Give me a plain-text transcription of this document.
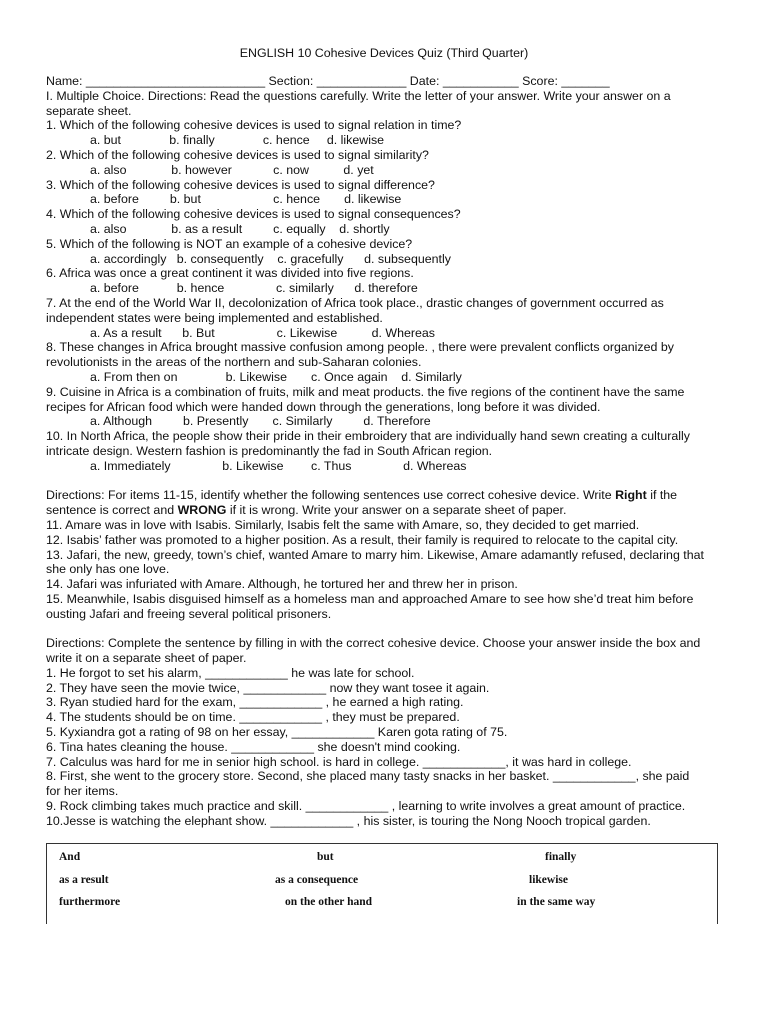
ENGLISH 10 Cohesive Devices Quiz (Third Quarter)
Name: __________________________ Section: _____________ Date: ___________ Score: _______
I. Multiple Choice. Directions: Read the questions carefully. Write the letter of your answer. Write your answer on a separate sheet.
1. Which of the following cohesive devices is used to signal relation in time?
a. but              b. finally              c. hence     d. likewise
2. Which of the following cohesive devices is used to signal similarity?
a. also             b. however            c. now          d. yet
3. Which of the following cohesive devices is used to signal difference?
a. before         b. but                     c. hence       d. likewise
4. Which of the following cohesive devices is used to signal consequences?
a. also             b. as a result         c. equally    d. shortly
5. Which of the following is NOT an example of a cohesive device?
a. accordingly   b. consequently    c. gracefully      d. subsequently
6. Africa was once a great continent it was divided into five regions.
a. before           b. hence               c. similarly      d. therefore
7. At the end of the World War II, decolonization of Africa took place., drastic changes of government occurred as independent states were being implemented and established.
a. As a result      b. But                  c. Likewise          d. Whereas
8. These changes in Africa brought massive confusion among people. , there were prevalent conflicts organized by revolutionists in the areas of the northern and sub-Saharan colonies.
a. From then on              b. Likewise       c. Once again    d. Similarly
9. Cuisine in Africa is a combination of fruits, milk and meat products. the five regions of the continent have the same recipes for African food which were handed down through the generations, long before it was divided.
a. Although         b. Presently       c. Similarly         d. Therefore
10. In North Africa, the people show their pride in their embroidery that are individually hand sewn creating a culturally intricate design. Western fashion is predominantly the fad in South African region.
a. Immediately               b. Likewise        c. Thus               d. Whereas
Directions: For items 11-15, identify whether the following sentences use correct cohesive device. Write Right if the sentence is correct and WRONG if it is wrong. Write your answer on a separate sheet of paper.
11. Amare was in love with Isabis. Similarly, Isabis felt the same with Amare, so, they decided to get married.
12. Isabis’ father was promoted to a higher position. As a result, their family is required to relocate to the capital city.
13. Jafari, the new, greedy, town’s chief, wanted Amare to marry him. Likewise, Amare adamantly refused, declaring that she only has one love.
14. Jafari was infuriated with Amare. Although, he tortured her and threw her in prison.
15. Meanwhile, Isabis disguised himself as a homeless man and approached Amare to see how she’d treat him before ousting Jafari and freeing several political prisoners.
Directions: Complete the sentence by filling in with the correct cohesive device. Choose your answer inside the box and write it on a separate sheet of paper.
1. He forgot to set his alarm, ____________ he was late for school.
2. They have seen the movie twice, ____________ now they want tosee it again.
3. Ryan studied hard for the exam, ____________ , he earned a high rating.
4. The students should be on time. ____________ , they must be prepared.
5. Kyxiandra got a rating of 98 on her essay, ____________ Karen gota rating of 75.
6. Tina hates cleaning the house. ____________ she doesn't mind cooking.
7. Calculus was hard for me in senior high school. is hard in college. ____________, it was hard in college.
8. First, she went to the grocery store. Second, she placed many tasty snacks in her basket. ____________, she paid for her items.
9. Rock climbing takes much practice and skill. ____________ , learning to write involves a great amount of practice.
10.Jesse is watching the elephant show. ____________ , his sister, is touring the Nong Nooch tropical garden.
And	but	finally
as a result	as a consequence	likewise
furthermore	on the other hand	in the same way
